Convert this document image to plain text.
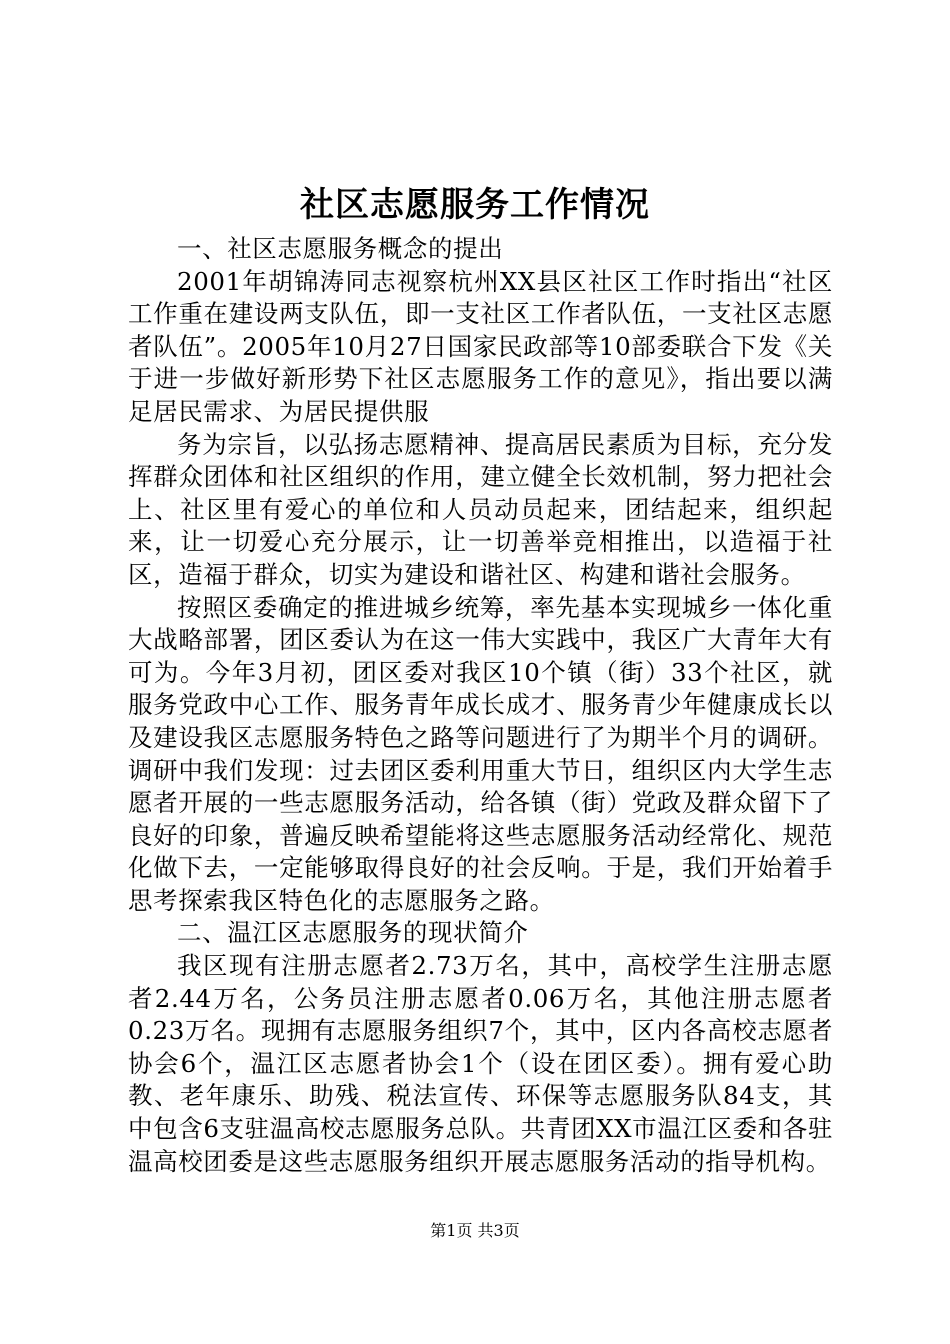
社区志愿服务工作情况

一、社区志愿服务概念的提出

2001年胡锦涛同志视察杭州XX县区社区工作时指出“社区工作重在建设两支队伍，即一支社区工作者队伍，一支社区志愿者队伍”。2005年10月27日国家民政部等10部委联合下发《关于进一步做好新形势下社区志愿服务工作的意见》，指出要以满足居民需求、为居民提供服

务为宗旨，以弘扬志愿精神、提高居民素质为目标，充分发挥群众团体和社区组织的作用，建立健全长效机制，努力把社会上、社区里有爱心的单位和人员动员起来，团结起来，组织起来，让一切爱心充分展示，让一切善举竞相推出，以造福于社区，造福于群众，切实为建设和谐社区、构建和谐社会服务。

按照区委确定的推进城乡统筹，率先基本实现城乡一体化重大战略部署，团区委认为在这一伟大实践中，我区广大青年大有可为。今年3月初，团区委对我区10个镇（街）33个社区，就服务党政中心工作、服务青年成长成才、服务青少年健康成长以及建设我区志愿服务特色之路等问题进行了为期半个月的调研。调研中我们发现：过去团区委利用重大节日，组织区内大学生志愿者开展的一些志愿服务活动，给各镇（街）党政及群众留下了良好的印象，普遍反映希望能将这些志愿服务活动经常化、规范化做下去，一定能够取得良好的社会反响。于是，我们开始着手思考探索我区特色化的志愿服务之路。

二、温江区志愿服务的现状简介

我区现有注册志愿者2.73万名，其中，高校学生注册志愿者2.44万名，公务员注册志愿者0.06万名，其他注册志愿者0.23万名。现拥有志愿服务组织7个，其中，区内各高校志愿者协会6个，温江区志愿者协会1个（设在团区委）。拥有爱心助教、老年康乐、助残、税法宣传、环保等志愿服务队84支，其中包含6支驻温高校志愿服务总队。共青团XX市温江区委和各驻温高校团委是这些志愿服务组织开展志愿服务活动的指导机构。

第1页 共3页
